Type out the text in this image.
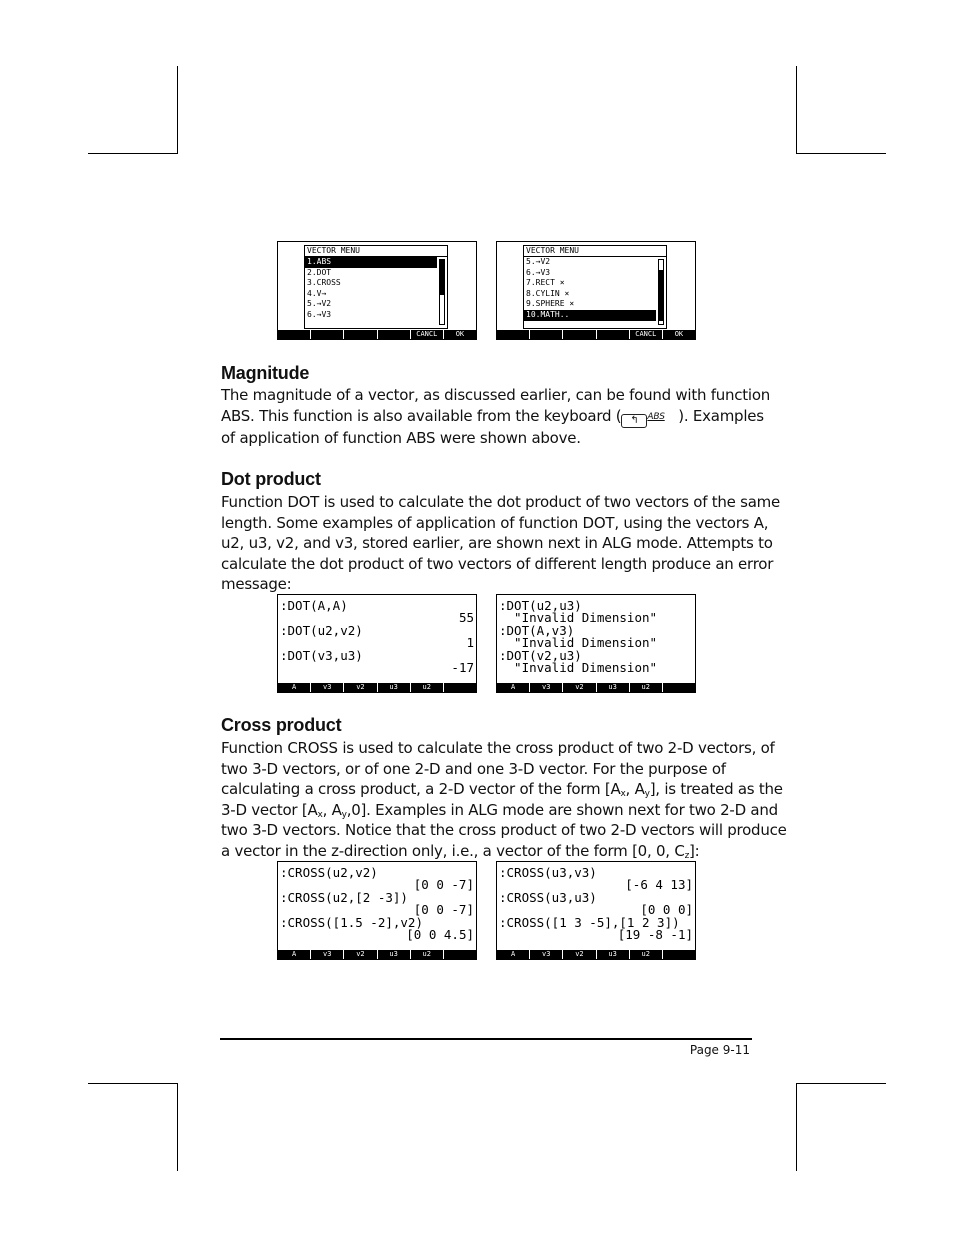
VECTOR MENU
1.ABS
2.DOT
3.CROSS
4.V→
5.→V2
6.→V3
CANCL	OK
VECTOR MENU
5.→V2
6.→V3
7.RECT ×
8.CYLIN ×
9.SPHERE ×
10.MATH..
CANCL	OK
Magnitude
The magnitude of a vector, as discussed earlier, can be found with function
ABS. This function is also available from the keyboard ( ↰ ABS ). Examples
of application of function ABS were shown above.
Dot product
Function DOT is used to calculate the dot product of two vectors of the same
length. Some examples of application of function DOT, using the vectors A,
u2, u3, v2, and v3, stored earlier, are shown next in ALG mode. Attempts to
calculate the dot product of two vectors of different length produce an error
message:
:DOT(A,A)
55
:DOT(u2,v2)
1
:DOT(v3,u3)
-17
A	v3	v2	u3	u2
:DOT(u2,u3)
"Invalid Dimension"
:DOT(A,v3)
"Invalid Dimension"
:DOT(v2,u3)
"Invalid Dimension"
A	v3	v2	u3	u2
Cross product
Function CROSS is used to calculate the cross product of two 2-D vectors, of
two 3-D vectors, or of one 2-D and one 3-D vector. For the purpose of
calculating a cross product, a 2-D vector of the form [$A_x$, $A_y$], is treated as the
3-D vector [$A_x$, $A_y,0$]. Examples in ALG mode are shown next for two 2-D and
two 3-D vectors. Notice that the cross product of two 2-D vectors will produce
a vector in the z-direction only, i.e., a vector of the form [0, 0, $C_z$]:
:CROSS(u2,v2)
[0 0 -7]
:CROSS(u2,[2 -3])
[0 0 -7]
:CROSS([1.5 -2],v2)
[0 0 4.5]
A	v3	v2	u3	u2
:CROSS(u3,v3)
[-6 4 13]
:CROSS(u3,u3)
[0 0 0]
:CROSS([1 3 -5],[1 2 3])
[19 -8 -1]
A	v3	v2	u3	u2
Page 9-11
